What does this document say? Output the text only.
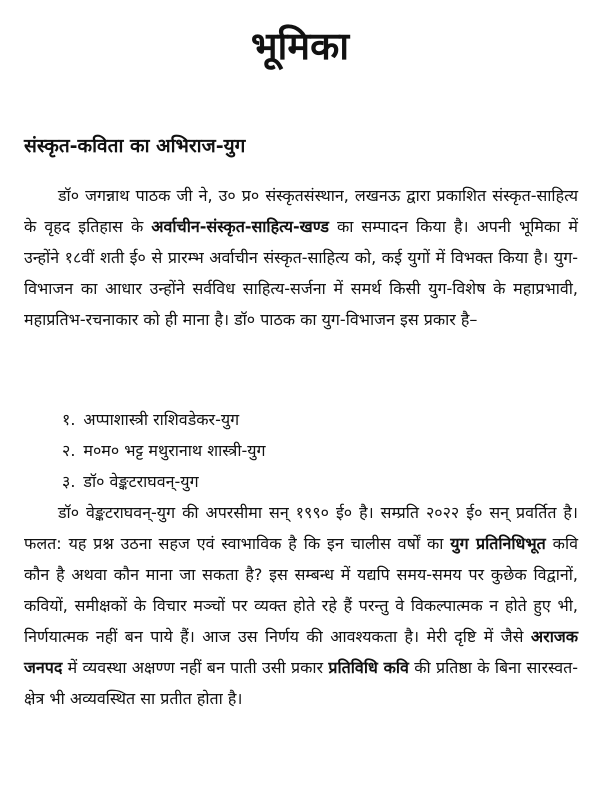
भूमिका
संस्कृत-कविता का अभिराज-युग

डॉ० जगन्नाथ पाठक जी ने, उ० प्र० संस्कृतसंस्थान, लखनऊ द्वारा प्रकाशित संस्कृत-साहित्य के वृहद इतिहास के अर्वाचीन-संस्कृत-साहित्य-खण्ड का सम्पादन किया है। अपनी भूमिका में उन्होंने १८वीं शती ई० से प्रारम्भ अर्वाचीन संस्कृत-साहित्य को, कई युगों में विभक्त किया है। युग-विभाजन का आधार उन्होंने सर्वविध साहित्य-सर्जना में समर्थ किसी युग-विशेष के महाप्रभावी, महाप्रतिभ-रचनाकार को ही माना है। डॉ० पाठक का युग-विभाजन इस प्रकार है–

१. अप्पाशास्त्री राशिवडेकर-युग
२. म०म० भट्ट मथुरानाथ शास्त्री-युग
३. डॉ० वेङ्कटराघवन्-युग

डॉ० वेङ्कटराघवन्-युग की अपरसीमा सन् १९९० ई० है। सम्प्रति २०२२ ई० सन् प्रवर्तित है। फलत: यह प्रश्न उठना सहज एवं स्वाभाविक है कि इन चालीस वर्षों का युग प्रतिनिधिभूत कवि कौन है अथवा कौन माना जा सकता है? इस सम्बन्ध में यद्यपि समय-समय पर कुछेक विद्वानों, कवियों, समीक्षकों के विचार मञ्चों पर व्यक्त होते रहे हैं परन्तु वे विकल्पात्मक न होते हुए भी, निर्णयात्मक नहीं बन पाये हैं। आज उस निर्णय की आवश्यकता है। मेरी दृष्टि में जैसे अराजक जनपद में व्यवस्था अक्षण्ण नहीं बन पाती उसी प्रकार प्रतिविधि कवि की प्रतिष्ठा के बिना सारस्वत-क्षेत्र भी अव्यवस्थित सा प्रतीत होता है।
